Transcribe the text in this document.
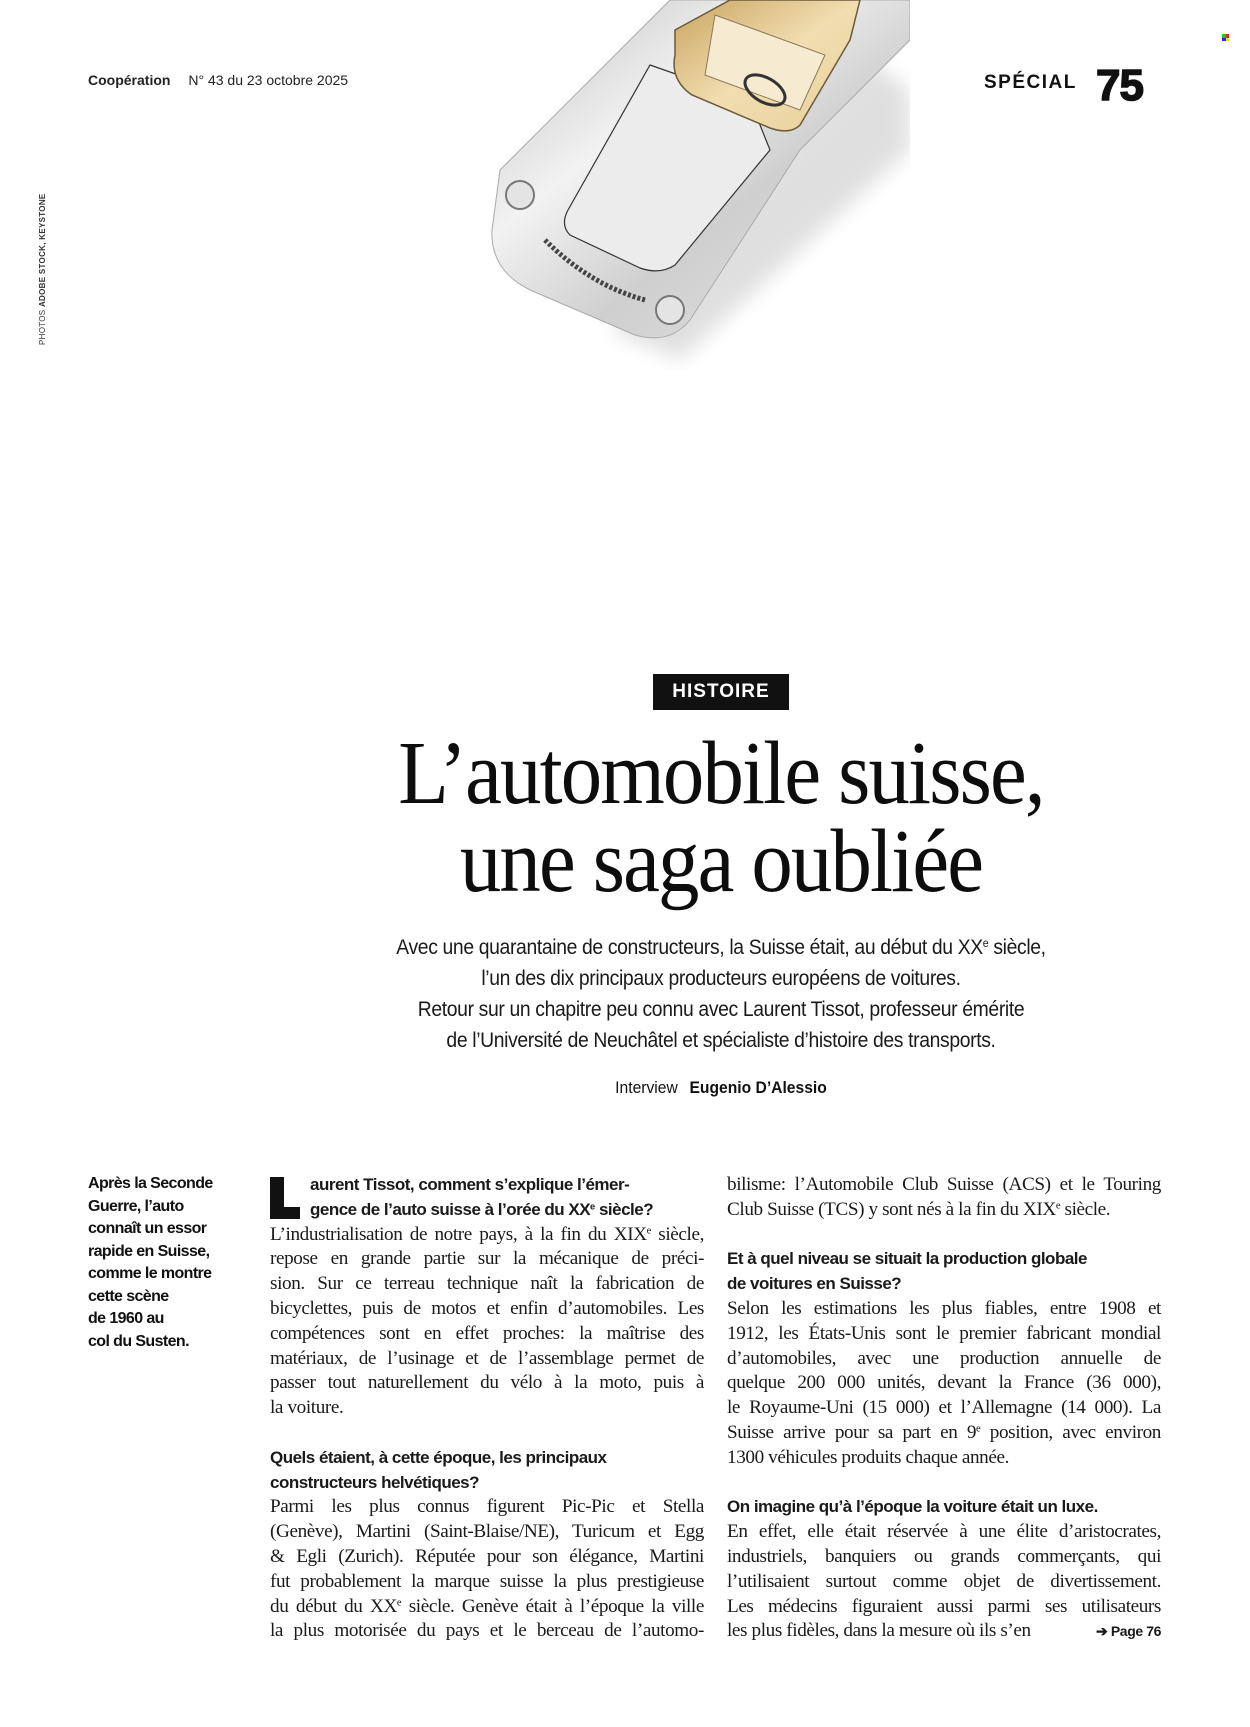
Coopération N° 43 du 23 octobre 2025	SPÉCIAL 75
PHOTOS ADOBE STOCK, KEYSTONE
HISTOIRE
L’automobile suisse,
une saga oubliée
Avec une quarantaine de constructeurs, la Suisse était, au début du XXe siècle,
l’un des dix principaux producteurs européens de voitures.
Retour sur un chapitre peu connu avec Laurent Tissot, professeur émérite
de l’Université de Neuchâtel et spécialiste d’histoire des transports.
Interview Eugenio D’Alessio
Après la Seconde
Guerre, l’auto
connaît un essor
rapide en Suisse,
comme le montre
cette scène
de 1960 au
col du Susten.
aurent Tissot, comment s’explique l’émer-
gence de l’auto suisse à l’orée du XXe siècle?
L’industrialisation de notre pays, à la fin du XIXe siècle,
repose en grande partie sur la mécanique de préci-
sion. Sur ce terreau technique naît la fabrication de
bicyclettes, puis de motos et enfin d’automobiles. Les
compétences sont en effet proches: la maîtrise des
matériaux, de l’usinage et de l’assemblage permet de
passer tout naturellement du vélo à la moto, puis à
la voiture.
Quels étaient, à cette époque, les principaux
constructeurs helvétiques?
Parmi les plus connus figurent Pic-Pic et Stella
(Genève), Martini (Saint-Blaise/NE), Turicum et Egg
& Egli (Zurich). Réputée pour son élégance, Martini
fut probablement la marque suisse la plus prestigieuse
du début du XXe siècle. Genève était à l’époque la ville
la plus motorisée du pays et le berceau de l’automo-
bilisme: l’Automobile Club Suisse (ACS) et le Touring
Club Suisse (TCS) y sont nés à la fin du XIXe siècle.
Et à quel niveau se situait la production globale
de voitures en Suisse?
Selon les estimations les plus fiables, entre 1908 et
1912, les États-Unis sont le premier fabricant mondial
d’automobiles, avec une production annuelle de
quelque 200 000 unités, devant la France (36 000),
le Royaume-Uni (15 000) et l’Allemagne (14 000). La
Suisse arrive pour sa part en 9e position, avec environ
1300 véhicules produits chaque année.
On imagine qu’à l’époque la voiture était un luxe.
En effet, elle était réservée à une élite d’aristocrates,
industriels, banquiers ou grands commerçants, qui
l’utilisaient surtout comme objet de divertissement.
Les médecins figuraient aussi parmi ses utilisateurs
les plus fidèles, dans la mesure où ils s’en	➔ Page 76
